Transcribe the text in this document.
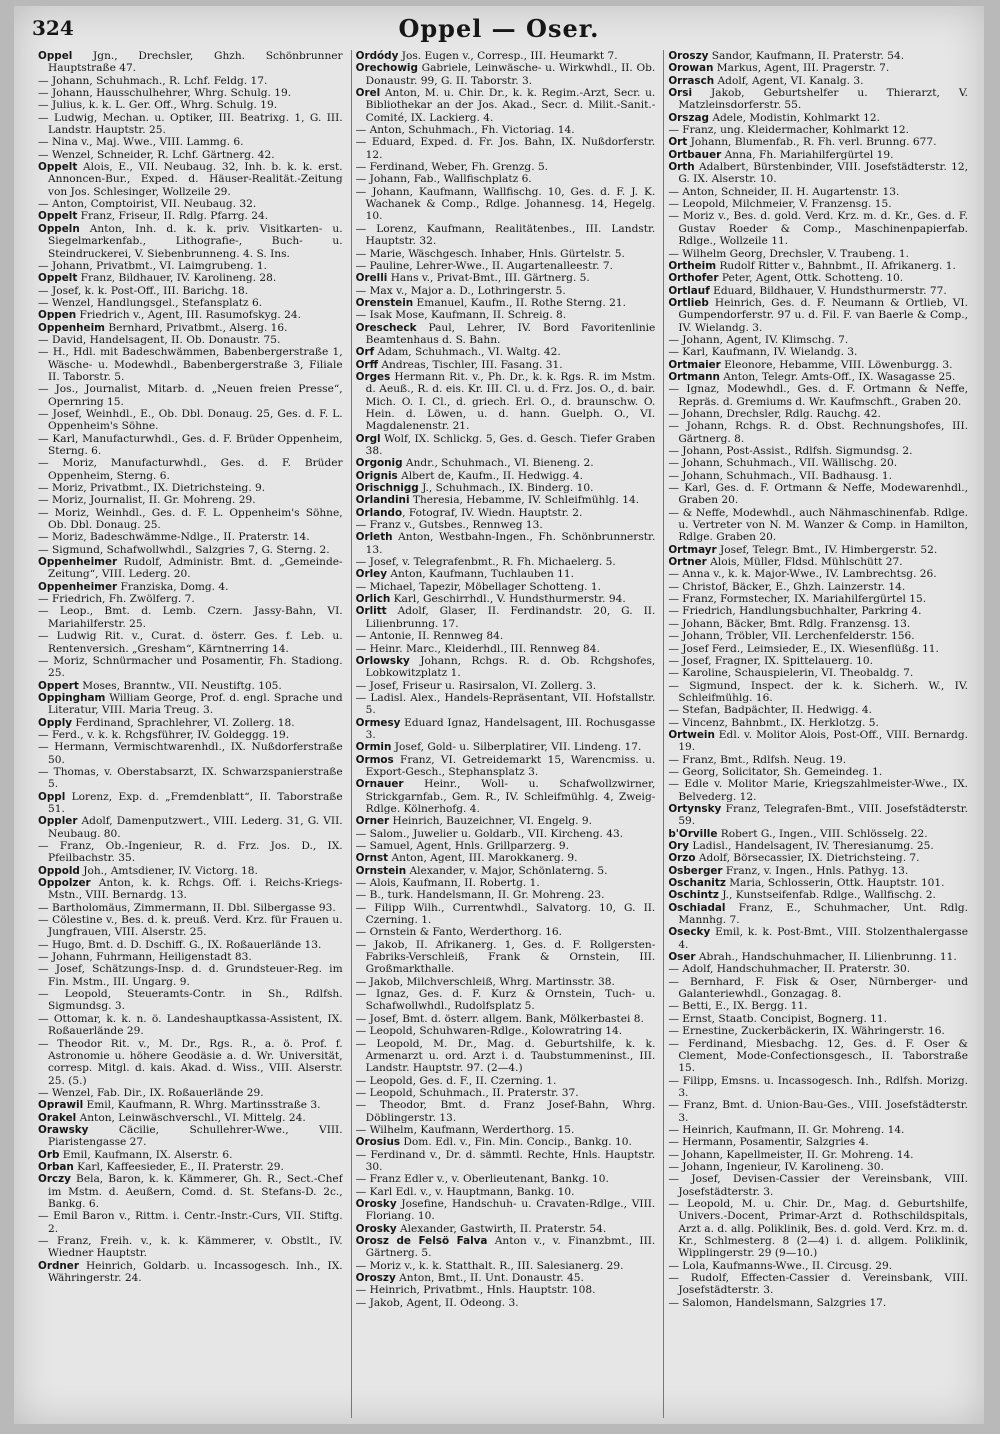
324	Oppel — Oser.

Oppel Jgn., Drechsler, Ghzh. Schönbrunner Hauptstraße 47.

— Johann, Schuhmach., R. Lchf. Feldg. 17.

— Johann, Hausschulhehrer, Whrg. Schulg. 19.

— Julius, k. k. L. Ger. Off., Whrg. Schulg. 19.

— Ludwig, Mechan. u. Optiker, III. Beatrixg. 1, G. III. Landstr. Hauptstr. 25.

— Nina v., Maj. Wwe., VIII. Lammg. 6.

— Wenzel, Schneider, R. Lchf. Gärtnerg. 42.

Oppelt Alois, E., VII. Neubaug. 32, Inh. b. k. k. erst. Annoncen-Bur., Exped. d. Häuser-Realität.-Zeitung von Jos. Schlesinger, Wollzeile 29.

— Anton, Comptoirist, VII. Neubaug. 32.

Oppelt Franz, Friseur, II. Rdlg. Pfarrg. 24.

Oppeln Anton, Inh. d. k. k. priv. Visitkarten- u. Siegelmarkenfab., Lithografie-, Buch- u. Steindruckerei, V. Siebenbrunneng. 4. S. Ins.

— Johann, Privatbmt., VI. Laimgrubeng. 1.

Oppelt Franz, Bildhauer, IV. Karolineng. 28.

— Josef, k. k. Post-Off., III. Barichg. 18.

— Wenzel, Handlungsgel., Stefansplatz 6.

Oppen Friedrich v., Agent, III. Rasumofskyg. 24.

Oppenheim Bernhard, Privatbmt., Alserg. 16.

— David, Handelsagent, II. Ob. Donaustr. 75.

— H., Hdl. mit Badeschwämmen, Babenbergerstraße 1, Wäsche- u. Modewhdl., Babenbergerstraße 3, Filiale II. Taborstr. 5.

— Jos., Journalist, Mitarb. d. „Neuen freien Presse“, Opernring 15.

— Josef, Weinhdl., E., Ob. Dbl. Donaug. 25, Ges. d. F. L. Oppenheim's Söhne.

— Karl, Manufacturwhdl., Ges. d. F. Brüder Oppenheim, Sterng. 6.

— Moriz, Manufacturwhdl., Ges. d. F. Brüder Oppenheim, Sterng. 6.

— Moriz, Privatbmt., IX. Dietrichsteing. 9.

— Moriz, Journalist, II. Gr. Mohreng. 29.

— Moriz, Weinhdl., Ges. d. F. L. Oppenheim's Söhne, Ob. Dbl. Donaug. 25.

— Moriz, Badeschwämme-Ndlge., II. Praterstr. 14.

— Sigmund, Schafwollwhdl., Salzgries 7, G. Sterng. 2.

Oppenheimer Rudolf, Administr. Bmt. d. „Gemeinde-Zeitung“, VIII. Lederg. 20.

Oppenheimer Franziska, Domg. 4.

— Friedrich, Fh. Zwölferg. 7.

— Leop., Bmt. d. Lemb. Czern. Jassy-Bahn, VI. Mariahilferstr. 25.

— Ludwig Rit. v., Curat. d. österr. Ges. f. Leb. u. Rentenversich. „Gresham“, Kärntnerring 14.

— Moriz, Schnürmacher und Posamentir, Fh. Stadiong. 25.

Oppert Moses, Branntw., VII. Neustiftg. 105.

Oppingham William George, Prof. d. engl. Sprache und Literatur, VIII. Maria Treug. 3.

Opply Ferdinand, Sprachlehrer, VI. Zollerg. 18.

— Ferd., v. k. k. Rchgsführer, IV. Goldeggg. 19.

— Hermann, Vermischtwarenhdl., IX. Nußdorferstraße 50.

— Thomas, v. Oberstabsarzt, IX. Schwarzspanierstraße 5.

Oppl Lorenz, Exp. d. „Fremdenblatt“, II. Taborstraße 51.

Oppler Adolf, Damenputzwert., VIII. Lederg. 31, G. VII. Neubaug. 80.

— Franz, Ob.-Ingenieur, R. d. Frz. Jos. D., IX. Pfeilbachstr. 35.

Oppold Joh., Amtsdiener, IV. Victorg. 18.

Oppolzer Anton, k. k. Rchgs. Off. i. Reichs-Kriegs-Mstn., VIII. Bernardg. 13.

— Bartholomäus, Zimmermann, II. Dbl. Silbergasse 93.

— Cölestine v., Bes. d. k. preuß. Verd. Krz. für Frauen u. Jungfrauen, VIII. Alserstr. 25.

— Hugo, Bmt. d. D. Dschiff. G., IX. Roßauerlände 13.

— Johann, Fuhrmann, Heiligenstadt 83.

— Josef, Schätzungs-Insp. d. d. Grundsteuer-Reg. im Fin. Mstm., III. Ungarg. 9.

— Leopold, Steueramts-Contr. in Sh., Rdlfsh. Sigmundsg. 3.

— Ottomar, k. k. n. ö. Landeshauptkassa-Assistent, IX. Roßauerlände 29.

— Theodor Rit. v., M. Dr., Rgs. R., a. ö. Prof. f. Astronomie u. höhere Geodäsie a. d. Wr. Universität, corresp. Mitgl. d. kais. Akad. d. Wiss., VIII. Alserstr. 25. (5.)

— Wenzel, Fab. Dir., IX. Roßauerlände 29.

Oprawil Emil, Kaufmann, R. Whrg. Martinsstraße 3.

Orakel Anton, Leinwäschverschl., VI. Mittelg. 24.

Orawsky Cäcilie, Schullehrer-Wwe., VIII. Piaristengasse 27.

Orb Emil, Kaufmann, IX. Alserstr. 6.

Orban Karl, Kaffeesieder, E., II. Praterstr. 29.

Orczy Bela, Baron, k. k. Kämmerer, Gh. R., Sect.-Chef im Mstm. d. Aeußern, Comd. d. St. Stefans-D. 2c., Bankg. 6.

— Emil Baron v., Rittm. i. Centr.-Instr.-Curs, VII. Stiftg. 2.

— Franz, Freih. v., k. k. Kämmerer, v. Obstlt., IV. Wiedner Hauptstr.

Ordner Heinrich, Goldarb. u. Incassogesch. Inh., IX. Währingerstr. 24.

Ordódy Jos. Eugen v., Corresp., III. Heumarkt 7.

Orechowig Gabriele, Leinwäsche- u. Wirkwhdl., II. Ob. Donaustr. 99, G. II. Taborstr. 3.

Orel Anton, M. u. Chir. Dr., k. k. Regim.-Arzt, Secr. u. Bibliothekar an der Jos. Akad., Secr. d. Milit.-Sanit.-Comité, IX. Lackierg. 4.

— Anton, Schuhmach., Fh. Victoriag. 14.

— Eduard, Exped. d. Fr. Jos. Bahn, IX. Nußdorferstr. 12.

— Ferdinand, Weber, Fh. Grenzg. 5.

— Johann, Fab., Wallfischplatz 6.

— Johann, Kaufmann, Wallfischg. 10, Ges. d. F. J. K. Wachanek & Comp., Rdlge. Johannesg. 14, Hegelg. 10.

— Lorenz, Kaufmann, Realitätenbes., III. Landstr. Hauptstr. 32.

— Marie, Wäschgesch. Inhaber, Hnls. Gürtelstr. 5.

— Pauline, Lehrer-Wwe., II. Augartenalleestr. 7.

Orelli Hans v., Privat-Bmt., III. Gärtnerg. 5.

— Max v., Major a. D., Lothringerstr. 5.

Orenstein Emanuel, Kaufm., II. Rothe Sterng. 21.

— Isak Mose, Kaufmann, II. Schreig. 8.

Orescheck Paul, Lehrer, IV. Bord Favoritenlinie Beamtenhaus d. S. Bahn.

Orf Adam, Schuhmach., VI. Waltg. 42.

Orff Andreas, Tischler, III. Fasang. 31.

Orges Hermann Rit. v., Ph. Dr., k. k. Rgs. R. im Mstm. d. Aeuß., R. d. eis. Kr. III. Cl. u. d. Frz. Jos. O., d. bair. Mich. O. I. Cl., d. griech. Erl. O., d. braunschw. O. Hein. d. Löwen, u. d. hann. Guelph. O., VI. Magdalenenstr. 21.

Orgl Wolf, IX. Schlickg. 5, Ges. d. Gesch. Tiefer Graben 38.

Orgonig Andr., Schuhmach., VI. Bieneng. 2.

Orignis Albert de, Kaufm., II. Hedwigg. 4.

Orischnigg J., Schuhmach., IX. Binderg. 10.

Orlandini Theresia, Hebamme, IV. Schleifmühlg. 14.

Orlando, Fotograf, IV. Wiedn. Hauptstr. 2.

— Franz v., Gutsbes., Rennweg 13.

Orleth Anton, Westbahn-Ingen., Fh. Schönbrunnerstr. 13.

— Josef, v. Telegrafenbmt., R. Fh. Michaelerg. 5.

Orley Anton, Kaufmann, Tuchlauben 11.

— Michael, Tapezir, Möbellager Schotteng. 1.

Orlich Karl, Geschirrhdl., V. Hundsthurmerstr. 94.

Orlitt Adolf, Glaser, II. Ferdinandstr. 20, G. II. Lilienbrunng. 17.

— Antonie, II. Rennweg 84.

— Heinr. Marc., Kleiderhdl., III. Rennweg 84.

Orlowsky Johann, Rchgs. R. d. Ob. Rchgshofes, Lobkowitzplatz 1.

— Josef, Friseur u. Rasirsalon, VI. Zollerg. 3.

— Ladisl. Alex., Handels-Repräsentant, VII. Hofstallstr. 5.

Ormesy Eduard Ignaz, Handelsagent, III. Rochusgasse 3.

Ormin Josef, Gold- u. Silberplatirer, VII. Lindeng. 17.

Ormos Franz, VI. Getreidemarkt 15, Warencmiss. u. Export-Gesch., Stephansplatz 3.

Ornauer Heinr., Woll- u. Schafwollzwirner, Strickgarnfab., Gem. R., IV. Schleifmühlg. 4, Zweig-Rdlge. Kölnerhofg. 4.

Orner Heinrich, Bauzeichner, VI. Engelg. 9.

— Salom., Juwelier u. Goldarb., VII. Kircheng. 43.

— Samuel, Agent, Hnls. Grillparzerg. 9.

Ornst Anton, Agent, III. Marokkanerg. 9.

Ornstein Alexander, v. Major, Schönlaterng. 5.

— Alois, Kaufmann, II. Robertg. 1.

— B., turk. Handelsmann, II. Gr. Mohreng. 23.

— Filipp Wilh., Currentwhdl., Salvatorg. 10, G. II. Czerning. 1.

— Ornstein & Fanto, Werderthorg. 16.

— Jakob, II. Afrikanerg. 1, Ges. d. F. Rollgersten-Fabriks-Verschleiß, Frank & Ornstein, III. Großmarkthalle.

— Jakob, Milchverschleiß, Whrg. Martinsstr. 38.

— Ignaz, Ges. d. F. Kurz & Ornstein, Tuch- u. Schafwollwhdl., Rudolfsplatz 5.

— Josef, Bmt. d. österr. allgem. Bank, Mölkerbastei 8.

— Leopold, Schuhwaren-Rdlge., Kolowratring 14.

— Leopold, M. Dr., Mag. d. Geburtshilfe, k. k. Armenarzt u. ord. Arzt i. d. Taubstummeninst., III. Landstr. Hauptstr. 97. (2—4.)

— Leopold, Ges. d. F., II. Czerning. 1.

— Leopold, Schuhmach., II. Praterstr. 37.

— Theodor, Bmt. d. Franz Josef-Bahn, Whrg. Döblingerstr. 13.

— Wilhelm, Kaufmann, Werderthorg. 15.

Orosius Dom. Edl. v., Fin. Min. Concip., Bankg. 10.

— Ferdinand v., Dr. d. sämmtl. Rechte, Hnls. Hauptstr. 30.

— Franz Edler v., v. Oberlieutenant, Bankg. 10.

— Karl Edl. v., v. Hauptmann, Bankg. 10.

Orosky Josefine, Handschuh- u. Cravaten-Rdlge., VIII. Floriang. 10.

Orosky Alexander, Gastwirth, II. Praterstr. 54.

Orosz de Felsö Falva Anton v., v. Finanzbmt., III. Gärtnerg. 5.

— Moriz v., k. k. Statthalt. R., III. Salesianerg. 29.

Oroszy Anton, Bmt., II. Unt. Donaustr. 45.

— Heinrich, Privatbmt., Hnls. Hauptstr. 108.

— Jakob, Agent, II. Odeong. 3.

Oroszy Sandor, Kaufmann, II. Praterstr. 54.

Orowan Markus, Agent, III. Pragerstr. 7.

Orrasch Adolf, Agent, VI. Kanalg. 3.

Orsi Jakob, Geburtshelfer u. Thierarzt, V. Matzleinsdorferstr. 55.

Orszag Adele, Modistin, Kohlmarkt 12.

— Franz, ung. Kleidermacher, Kohlmarkt 12.

Ort Johann, Blumenfab., R. Fh. verl. Brunng. 677.

Ortbauer Anna, Fh. Mariahilfergürtel 19.

Orth Adalbert, Bürstenbinder, VIII. Josefstädterstr. 12, G. IX. Alserstr. 10.

— Anton, Schneider, II. H. Augartenstr. 13.

— Leopold, Milchmeier, V. Franzensg. 15.

— Moriz v., Bes. d. gold. Verd. Krz. m. d. Kr., Ges. d. F. Gustav Roeder & Comp., Maschinenpapierfab. Rdlge., Wollzeile 11.

— Wilhelm Georg, Drechsler, V. Traubeng. 1.

Ortheim Rudolf Ritter v., Bahnbmt., II. Afrikanerg. 1.

Orthofer Peter, Agent, Ottk. Schotteng. 10.

Ortlauf Eduard, Bildhauer, V. Hundsthurmerstr. 77.

Ortlieb Heinrich, Ges. d. F. Neumann & Ortlieb, VI. Gumpendorferstr. 97 u. d. Fil. F. van Baerle & Comp., IV. Wielandg. 3.

— Johann, Agent, IV. Klimschg. 7.

— Karl, Kaufmann, IV. Wielandg. 3.

Ortmaier Eleonore, Hebamme, VIII. Löwenburgg. 3.

Ortmann Anton, Telegr. Amts-Off., IX. Wasagasse 25.

— Ignaz, Modewhdl., Ges. d. F. Ortmann & Neffe, Repräs. d. Gremiums d. Wr. Kaufmschft., Graben 20.

— Johann, Drechsler, Rdlg. Rauchg. 42.

— Johann, Rchgs. R. d. Obst. Rechnungshofes, III. Gärtnerg. 8.

— Johann, Post-Assist., Rdlfsh. Sigmundsg. 2.

— Johann, Schuhmach., VII. Wällischg. 20.

— Johann, Schuhmach., VII. Badhausg. 1.

— Karl, Ges. d. F. Ortmann & Neffe, Modewarenhdl., Graben 20.

— & Neffe, Modewhdl., auch Nähmaschinenfab. Rdlge. u. Vertreter von N. M. Wanzer & Comp. in Hamilton, Rdlge. Graben 20.

Ortmayr Josef, Telegr. Bmt., IV. Himbergerstr. 52.

Ortner Alois, Müller, Fldsd. Mühlschütt 27.

— Anna v., k. k. Major-Wwe., IV. Lambrechtsg. 26.

— Christof, Bäcker, E., Ghzh. Lainzerstr. 14.

— Franz, Formstecher, IX. Mariahilfergürtel 15.

— Friedrich, Handlungsbuchhalter, Parkring 4.

— Johann, Bäcker, Bmt. Rdlg. Franzensg. 13.

— Johann, Tröbler, VII. Lerchenfelderstr. 156.

— Josef Ferd., Leimsieder, E., IX. Wiesenflüßg. 11.

— Josef, Fragner, IX. Spittelauerg. 10.

— Karoline, Schauspielerin, VI. Theobaldg. 7.

— Sigmund, Inspect. der k. k. Sicherh. W., IV. Schleifmühlg. 16.

— Stefan, Badpächter, II. Hedwigg. 4.

— Vincenz, Bahnbmt., IX. Herklotzg. 5.

Ortwein Edl. v. Molitor Alois, Post-Off., VIII. Bernardg. 19.

— Franz, Bmt., Rdlfsh. Neug. 19.

— Georg, Solicitator, Sh. Gemeindeg. 1.

— Edle v. Molitor Marie, Kriegszahlmeister-Wwe., IX. Belvederg. 12.

Ortynsky Franz, Telegrafen-Bmt., VIII. Josefstädterstr. 59.

b'Orville Robert G., Ingen., VIII. Schlösselg. 22.

Ory Ladisl., Handelsagent, IV. Theresianumg. 25.

Orzo Adolf, Börsecassier, IX. Dietrichsteing. 7.

Osberger Franz, v. Ingen., Hnls. Pathyg. 13.

Oschanitz Maria, Schlosserin, Ottk. Hauptstr. 101.

Oschintz J., Kunstseifenfab. Rdlge., Wallfischg. 2.

Oschiadal Franz, E., Schuhmacher, Unt. Rdlg. Mannhg. 7.

Osecky Emil, k. k. Post-Bmt., VIII. Stolzenthalergasse 4.

Oser Abrah., Handschuhmacher, II. Lilienbrunng. 11.

— Adolf, Handschuhmacher, II. Praterstr. 30.

— Bernhard, F. Fisk & Oser, Nürnberger- und Galanteriewhdl., Gonzagag. 8.

— Betti, E., IX. Bergg. 11.

— Ernst, Staatb. Concipist, Bognerg. 11.

— Ernestine, Zuckerbäckerin, IX. Währingerstr. 16.

— Ferdinand, Miesbachg. 12, Ges. d. F. Oser & Clement, Mode-Confectionsgesch., II. Taborstraße 15.

— Filipp, Emsns. u. Incassogesch. Inh., Rdlfsh. Morizg. 3.

— Franz, Bmt. d. Union-Bau-Ges., VIII. Josefstädterstr. 3.

— Heinrich, Kaufmann, II. Gr. Mohreng. 14.

— Hermann, Posamentir, Salzgries 4.

— Johann, Kapellmeister, II. Gr. Mohreng. 14.

— Johann, Ingenieur, IV. Karolineng. 30.

— Josef, Devisen-Cassier der Vereinsbank, VIII. Josefstädterstr. 3.

— Leopold, M. u. Chir. Dr., Mag. d. Geburtshilfe, Univers.-Docent, Primar-Arzt d. Rothschildspitals, Arzt a. d. allg. Poliklinik, Bes. d. gold. Verd. Krz. m. d. Kr., Schlmesterg. 8 (2—4) i. d. allgem. Poliklinik, Wipplingerstr. 29 (9—10.)

— Lola, Kaufmanns-Wwe., II. Circusg. 29.

— Rudolf, Effecten-Cassier d. Vereinsbank, VIII. Josefstädterstr. 3.

— Salomon, Handelsmann, Salzgries 17.
